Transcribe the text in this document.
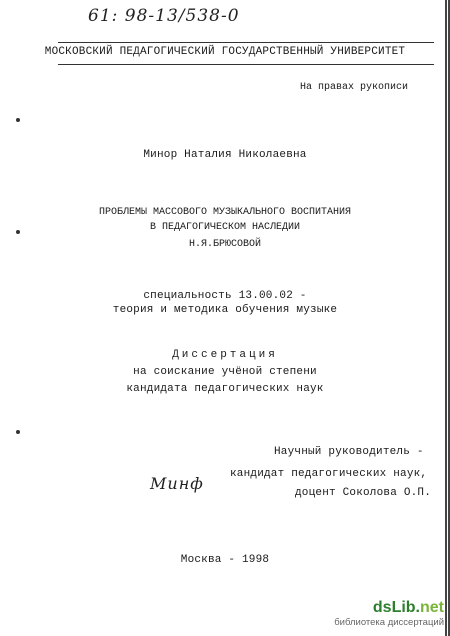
61: 98-13/538-0
МОСКОВСКИЙ ПЕДАГОГИЧЕСКИЙ ГОСУДАРСТВЕННЫЙ УНИВЕРСИТЕТ
На правах рукописи
Минор Наталия Николаевна
ПРОБЛЕМЫ МАССОВОГО МУЗЫКАЛЬНОГО ВОСПИТАНИЯ
В ПЕДАГОГИЧЕСКОМ НАСЛЕДИИ
Н.Я.БРЮСОВОЙ
специальность 13.00.02 -
теория и методика обучения музыке
Диссертация
на соискание учёной степени
кандидата педагогических наук
Научный руководитель -
кандидат педагогических наук,
доцент Соколова О.П.
Минф
Москва - 1998
dsLib.net
библиотека диссертаций
